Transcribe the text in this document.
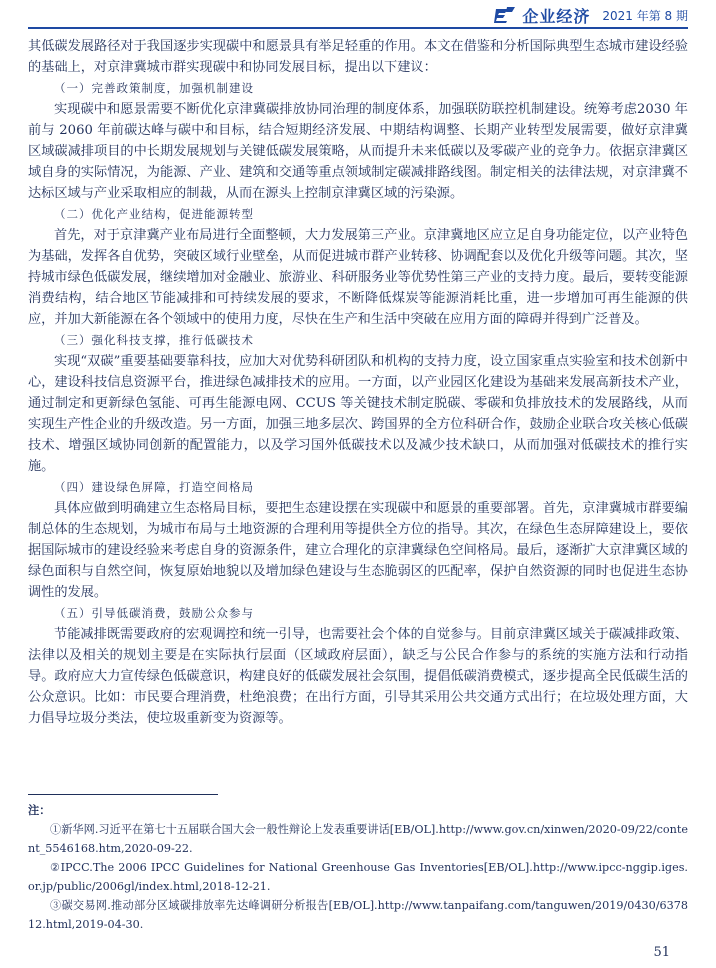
企业经济 2021 年第 8 期

其低碳发展路径对于我国逐步实现碳中和愿景具有举足轻重的作用。本文在借鉴和分析国际典型生态城市建设经验的基础上，对京津冀城市群实现碳中和协同发展目标，提出以下建议：

（一）完善政策制度，加强机制建设

实现碳中和愿景需要不断优化京津冀碳排放协同治理的制度体系，加强联防联控机制建设。统筹考虑2030 年前与 2060 年前碳达峰与碳中和目标，结合短期经济发展、中期结构调整、长期产业转型发展需要，做好京津冀区域碳减排项目的中长期发展规划与关键低碳发展策略，从而提升未来低碳以及零碳产业的竞争力。依据京津冀区域自身的实际情况，为能源、产业、建筑和交通等重点领域制定碳减排路线图。制定相关的法律法规，对京津冀不达标区域与产业采取相应的制裁，从而在源头上控制京津冀区域的污染源。

（二）优化产业结构，促进能源转型

首先，对于京津冀产业布局进行全面整顿，大力发展第三产业。京津冀地区应立足自身功能定位，以产业特色为基础，发挥各自优势，突破区域行业壁垒，从而促进城市群产业转移、协调配套以及优化升级等问题。其次，坚持城市绿色低碳发展，继续增加对金融业、旅游业、科研服务业等优势性第三产业的支持力度。最后，要转变能源消费结构，结合地区节能减排和可持续发展的要求，不断降低煤炭等能源消耗比重，进一步增加可再生能源的供应，并加大新能源在各个领域中的使用力度，尽快在生产和生活中突破在应用方面的障碍并得到广泛普及。

（三）强化科技支撑，推行低碳技术

实现“双碳”重要基础要靠科技，应加大对优势科研团队和机构的支持力度，设立国家重点实验室和技术创新中心，建设科技信息资源平台，推进绿色减排技术的应用。一方面，以产业园区化建设为基础来发展高新技术产业，通过制定和更新绿色氢能、可再生能源电网、CCUS 等关键技术制定脱碳、零碳和负排放技术的发展路线，从而实现生产性企业的升级改造。另一方面，加强三地多层次、跨国界的全方位科研合作，鼓励企业联合攻关核心低碳技术、增强区域协同创新的配置能力，以及学习国外低碳技术以及减少技术缺口，从而加强对低碳技术的推行实施。

（四）建设绿色屏障，打造空间格局

具体应做到明确建立生态格局目标，要把生态建设摆在实现碳中和愿景的重要部署。首先，京津冀城市群要编制总体的生态规划，为城市布局与土地资源的合理利用等提供全方位的指导。其次，在绿色生态屏障建设上，要依据国际城市的建设经验来考虑自身的资源条件，建立合理化的京津冀绿色空间格局。最后，逐渐扩大京津冀区域的绿色面积与自然空间，恢复原始地貌以及增加绿色建设与生态脆弱区的匹配率，保护自然资源的同时也促进生态协调性的发展。

（五）引导低碳消费，鼓励公众参与

节能减排既需要政府的宏观调控和统一引导，也需要社会个体的自觉参与。目前京津冀区域关于碳减排政策、法律以及相关的规划主要是在实际执行层面（区域政府层面），缺乏与公民合作参与的系统的实施方法和行动指导。政府应大力宣传绿色低碳意识，构建良好的低碳发展社会氛围，提倡低碳消费模式，逐步提高全民低碳生活的公众意识。比如：市民要合理消费，杜绝浪费；在出行方面，引导其采用公共交通方式出行；在垃圾处理方面，大力倡导垃圾分类法，使垃圾重新变为资源等。

注：

①新华网.习近平在第七十五届联合国大会一般性辩论上发表重要讲话[EB/OL].http://www.gov.cn/xinwen/2020-09/22/content_5546168.htm,2020-09-22.

②IPCC.The 2006 IPCC Guidelines for National Greenhouse Gas Inventories[EB/OL].http://www.ipcc-nggip.iges.or.jp/public/2006gl/index.html,2018-12-21.

③碳交易网.推动部分区域碳排放率先达峰调研分析报告[EB/OL].http://www.tanpaifang.com/tanguwen/2019/0430/637812.html,2019-04-30.

51
